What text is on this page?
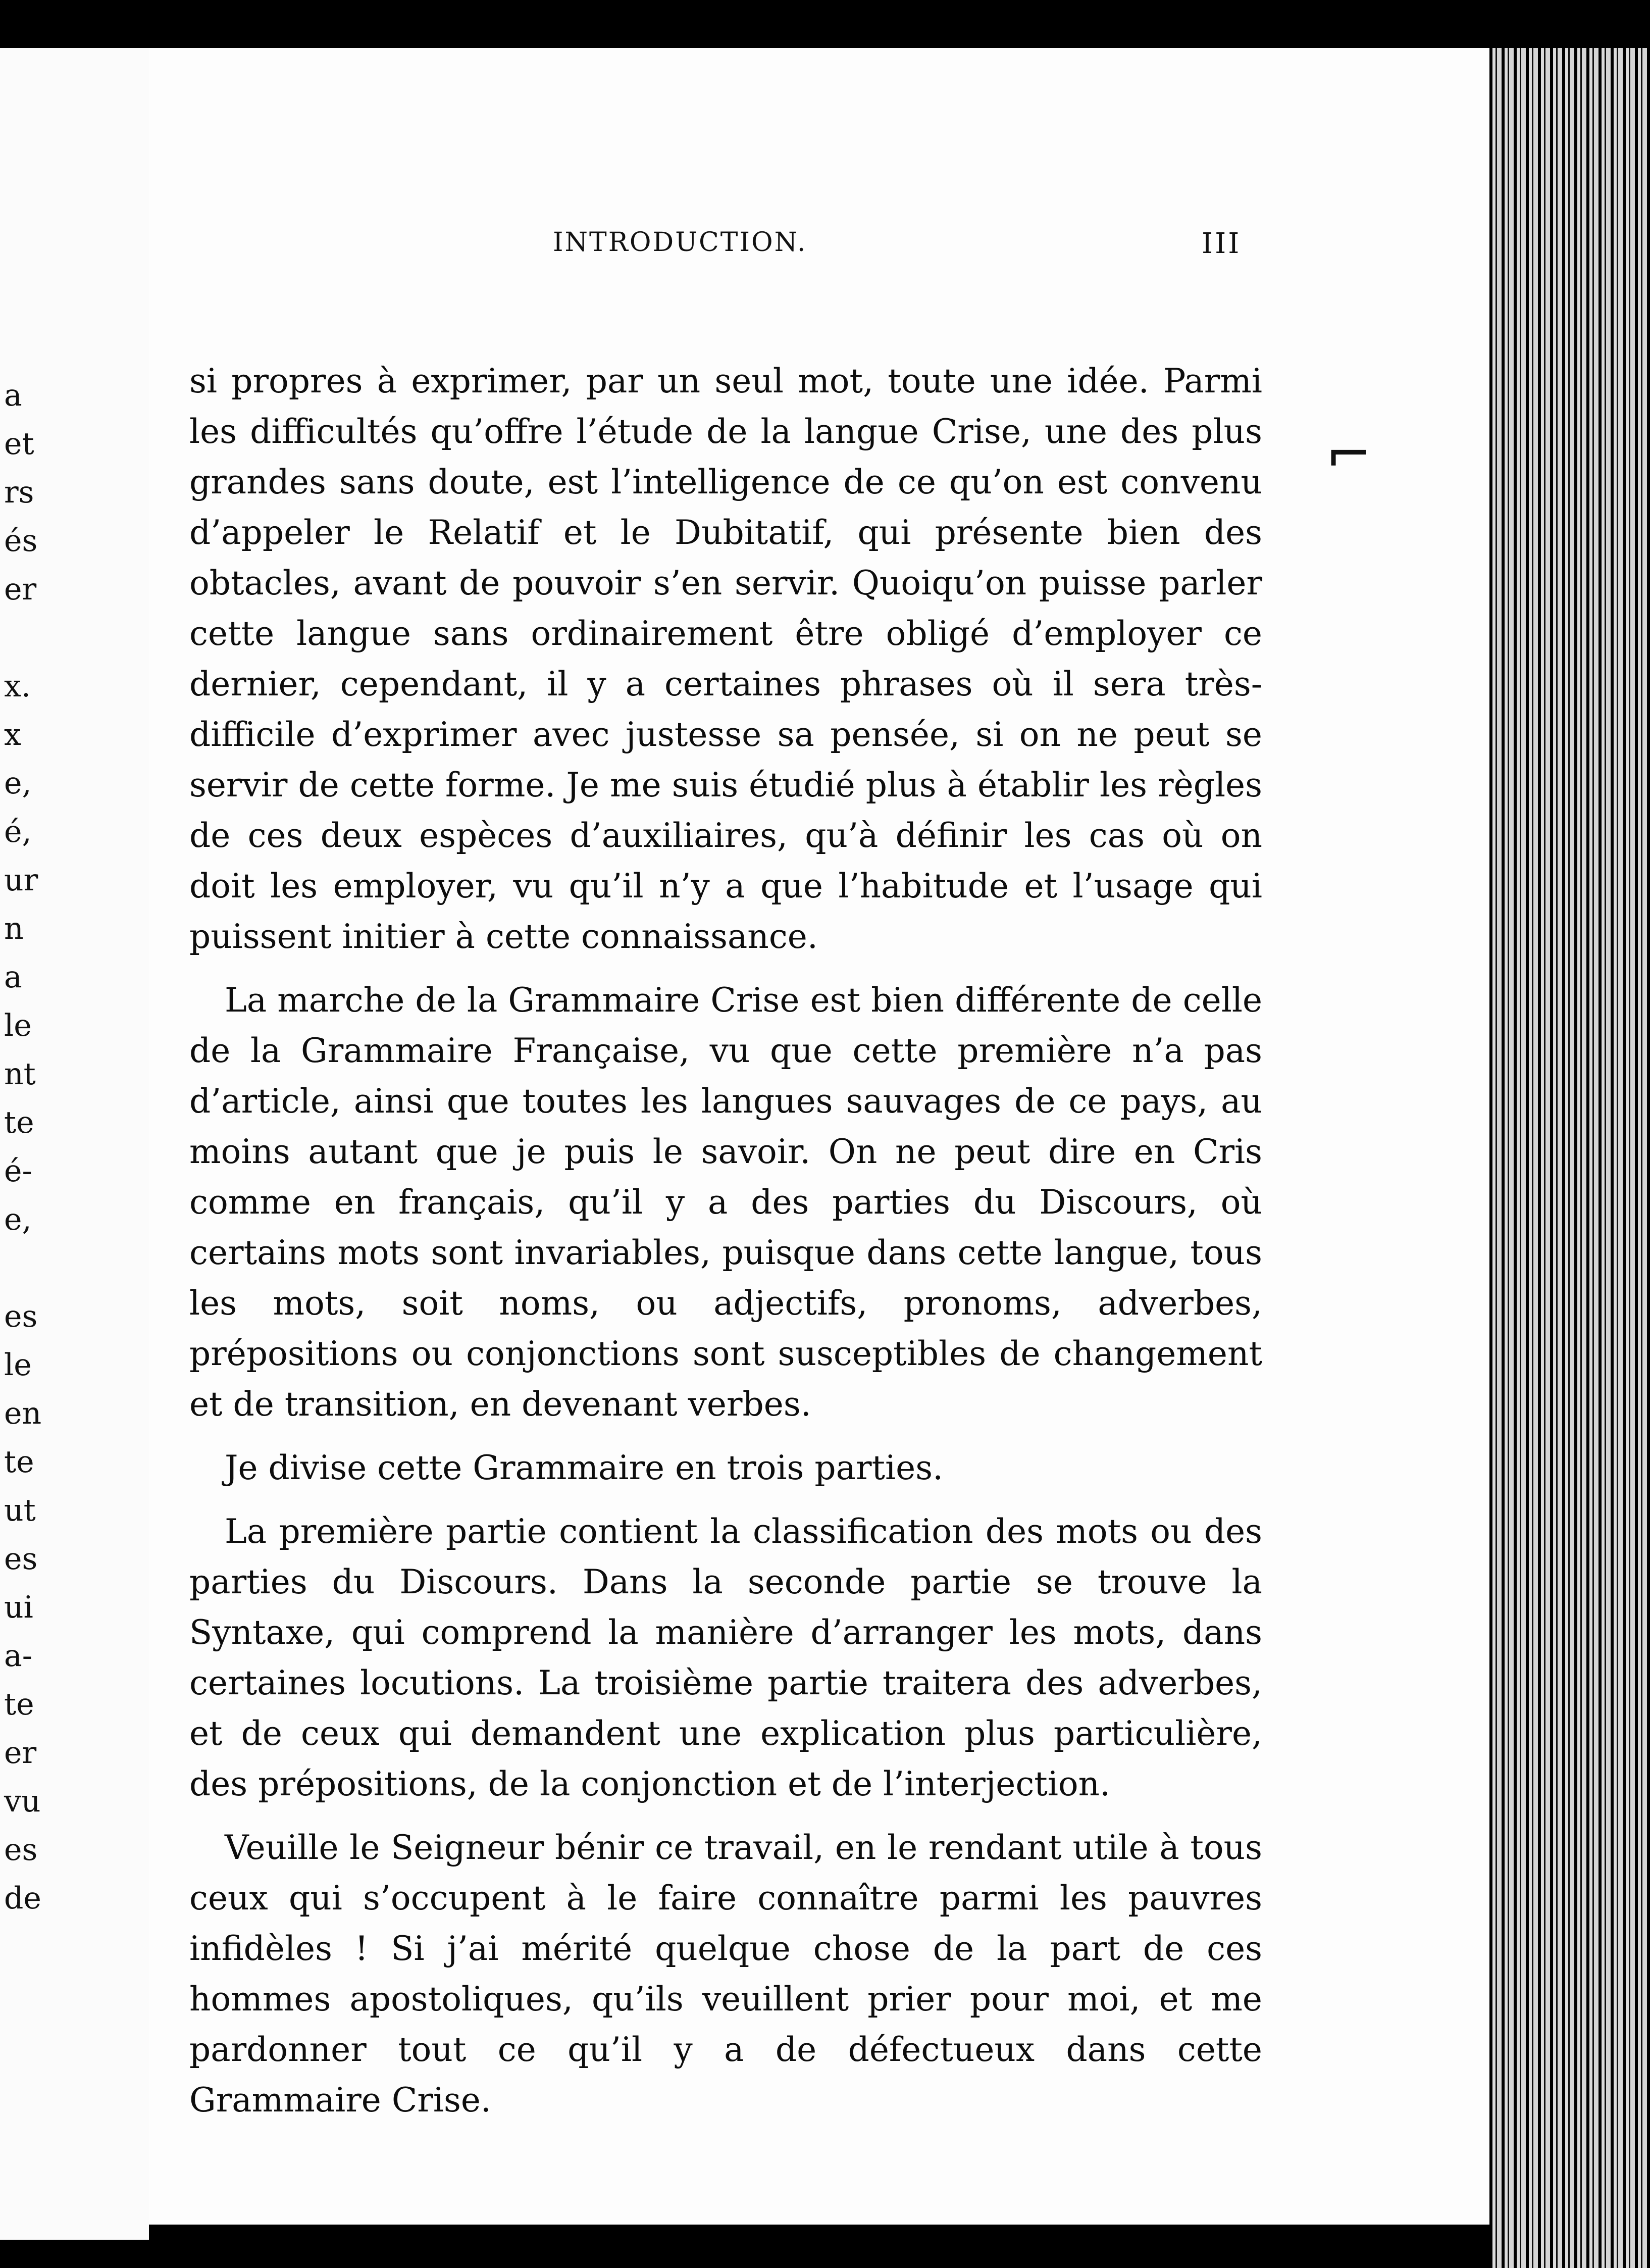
a
et
rs
és
er
x.
x
e,
é,
ur
n
a
le
nt
te
é-
e,
es
le
en
te
ut
es
ui
a-
te
er
vu
es
de
INTRODUCTION.	III

si propres à exprimer, par un seul mot, toute une idée. Parmi les difficultés qu’offre l’étude de la langue Crise, une des plus grandes sans doute, est l’intelligence de ce qu’on est convenu d’appeler le Relatif et le Dubitatif, qui présente bien des obtacles, avant de pouvoir s’en servir. Quoiqu’on puisse parler cette langue sans ordinairement être obligé d’employer ce dernier, cependant, il y a certaines phrases où il sera très-difficile d’exprimer avec justesse sa pensée, si on ne peut se servir de cette forme. Je me suis étudié plus à établir les règles de ces deux espèces d’auxiliaires, qu’à définir les cas où on doit les employer, vu qu’il n’y a que l’habitude et l’usage qui puissent initier à cette connaissance.

La marche de la Grammaire Crise est bien différente de celle de la Grammaire Française, vu que cette première n’a pas d’article, ainsi que toutes les langues sauvages de ce pays, au moins autant que je puis le savoir. On ne peut dire en Cris comme en français, qu’il y a des parties du Discours, où certains mots sont invariables, puisque dans cette langue, tous les mots, soit noms, ou adjectifs, pronoms, adverbes, prépositions ou conjonctions sont susceptibles de changement et de transition, en devenant verbes.

Je divise cette Grammaire en trois parties.

La première partie contient la classification des mots ou des parties du Discours. Dans la seconde partie se trouve la Syntaxe, qui comprend la manière d’arranger les mots, dans certaines locutions. La troisième partie traitera des adverbes, et de ceux qui demandent une explication plus particulière, des prépositions, de la conjonction et de l’interjection.

Veuille le Seigneur bénir ce travail, en le rendant utile à tous ceux qui s’occupent à le faire connaître parmi les pauvres infidèles ! Si j’ai mérité quelque chose de la part de ces hommes apostoliques, qu’ils veuillent prier pour moi, et me pardonner tout ce qu’il y a de défectueux dans cette Grammaire Crise.

⌐
